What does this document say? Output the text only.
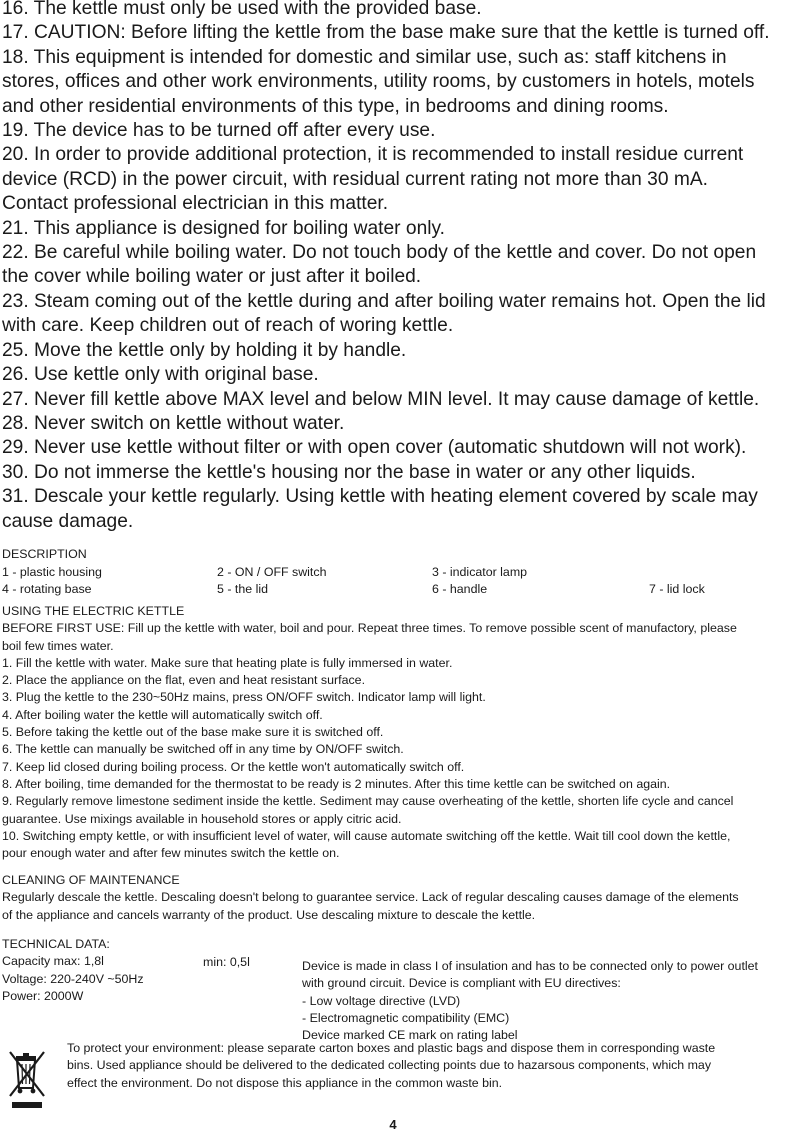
16. The kettle must only be used with the provided base.

17. CAUTION: Before lifting the kettle from the base make sure that the kettle is turned off.

18. This equipment is intended for domestic and similar use, such as: staff kitchens in

stores, offices and other work environments, utility rooms, by customers in hotels, motels

and other residential environments of this type, in bedrooms and dining rooms.

19. The device has to be turned off after every use.

20. In order to provide additional protection, it is recommended to install residue current

device (RCD) in the power circuit, with residual current rating not more than 30 mA.

Contact professional electrician in this matter.

21. This appliance is designed for boiling water only.

22. Be careful while boiling water. Do not touch body of the kettle and cover. Do not open

the cover while boiling water or just after it boiled.

23. Steam coming out of the kettle during and after boiling water remains hot. Open the lid

with care. Keep children out of reach of woring kettle.

25. Move the kettle only by holding it by handle.

26. Use kettle only with original base.

27. Never fill kettle above MAX level and below MIN level. It may cause damage of kettle.

28. Never switch on kettle without water.

29. Never use kettle without filter or with open cover (automatic shutdown will not work).

30. Do not immerse the kettle's housing nor the base in water or any other liquids.

31. Descale your kettle regularly. Using kettle with heating element covered by scale may

cause damage.

DESCRIPTION
1 - plastic housing	2 - ON / OFF switch	3 - indicator lamp
4 - rotating base	5 - the lid	6 - handle	7 - lid lock

USING THE ELECTRIC KETTLE

BEFORE FIRST USE: Fill up the kettle with water, boil and pour. Repeat three times. To remove possible scent of manufactory, please

boil few times water.

1. Fill the kettle with water. Make sure that heating plate is fully immersed in water.

2. Place the appliance on the flat, even and heat resistant surface.

3. Plug the kettle to the 230~50Hz mains, press ON/OFF switch. Indicator lamp will light.

4. After boiling water the kettle will automatically switch off.

5. Before taking the kettle out of the base make sure it is switched off.

6. The kettle can manually be switched off in any time by ON/OFF switch.

7. Keep lid closed during boiling process. Or the kettle won't automatically switch off.

8. After boiling, time demanded for the thermostat to be ready is 2 minutes. After this time kettle can be switched on again.

9. Regularly remove limestone sediment inside the kettle. Sediment may cause overheating of the kettle, shorten life cycle and cancel

guarantee. Use mixings available in household stores or apply citric acid.

10. Switching empty kettle, or with insufficient level of water, will cause automate switching off the kettle. Wait till cool down the kettle,

pour enough water and after few minutes switch the kettle on.

CLEANING OF MAINTENANCE

Regularly descale the kettle. Descaling doesn't belong to guarantee service. Lack of regular descaling causes damage of the elements

of the appliance and cancels warranty of the product. Use descaling mixture to descale the kettle.

TECHNICAL DATA:

Capacity max: 1,8l

Voltage: 220-240V ~50Hz

Power: 2000W

min: 0,5l	Device is made in class I of insulation and has to be connected only to power outlet

with ground circuit. Device is compliant with EU directives:

- Low voltage directive (LVD)

- Electromagnetic compatibility (EMC)

Device marked CE mark on rating label

To protect your environment: please separate carton boxes and plastic bags and dispose them in corresponding waste

bins. Used appliance should be delivered to the dedicated collecting points due to hazarsous components, which may

effect the environment. Do not dispose this appliance in the common waste bin.

4
